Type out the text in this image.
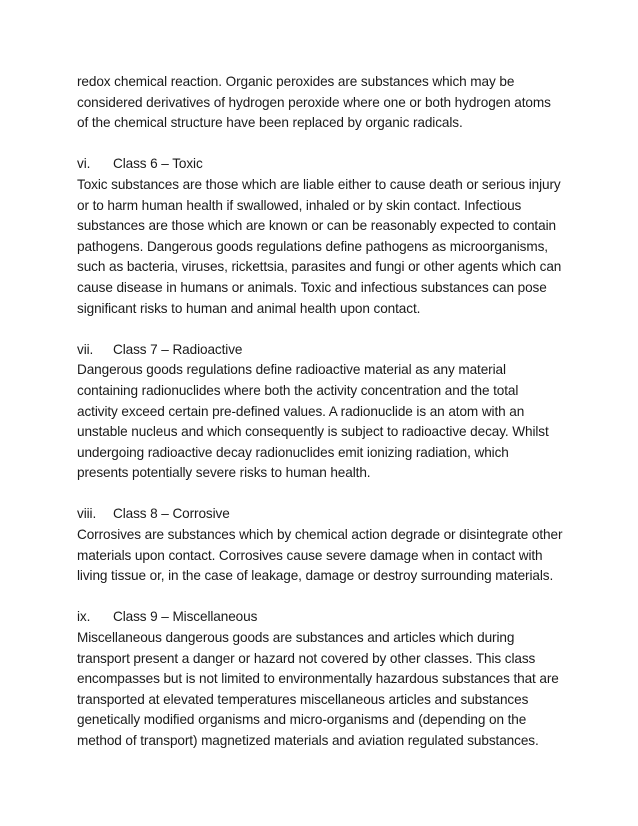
redox chemical reaction. Organic peroxides are substances which may be
considered derivatives of hydrogen peroxide where one or both hydrogen atoms
of the chemical structure have been replaced by organic radicals.

vi.	Class 6 – Toxic

Toxic substances are those which are liable either to cause death or serious injury
or to harm human health if swallowed, inhaled or by skin contact. Infectious
substances are those which are known or can be reasonably expected to contain
pathogens. Dangerous goods regulations define pathogens as microorganisms,
such as bacteria, viruses, rickettsia, parasites and fungi or other agents which can
cause disease in humans or animals. Toxic and infectious substances can pose
significant risks to human and animal health upon contact.

vii.	Class 7 – Radioactive

Dangerous goods regulations define radioactive material as any material
containing radionuclides where both the activity concentration and the total
activity exceed certain pre-defined values. A radionuclide is an atom with an
unstable nucleus and which consequently is subject to radioactive decay. Whilst
undergoing radioactive decay radionuclides emit ionizing radiation, which
presents potentially severe risks to human health.

viii.	Class 8 – Corrosive

Corrosives are substances which by chemical action degrade or disintegrate other
materials upon contact. Corrosives cause severe damage when in contact with
living tissue or, in the case of leakage, damage or destroy surrounding materials.

ix.	Class 9 – Miscellaneous

Miscellaneous dangerous goods are substances and articles which during
transport present a danger or hazard not covered by other classes. This class
encompasses but is not limited to environmentally hazardous substances that are
transported at elevated temperatures miscellaneous articles and substances
genetically modified organisms and micro-organisms and (depending on the
method of transport) magnetized materials and aviation regulated substances.
